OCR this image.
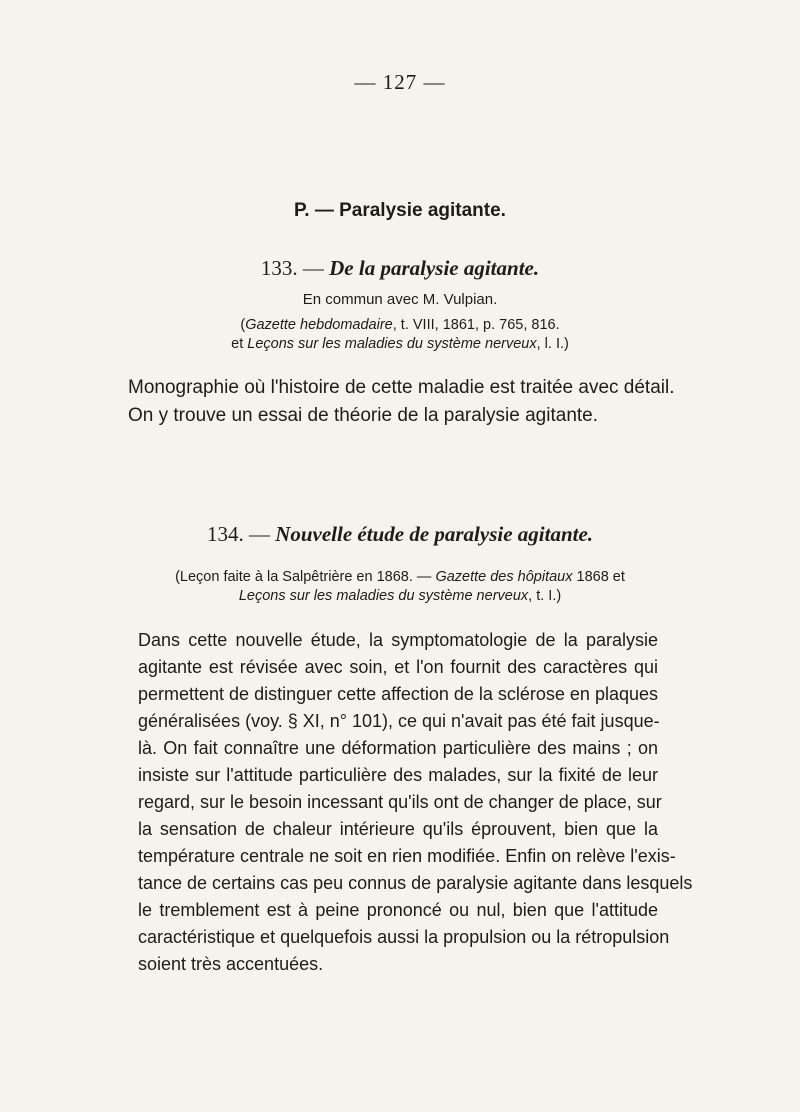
— 127 —
P. — Paralysie agitante.
133. — De la paralysie agitante.
En commun avec M. Vulpian.
(Gazette hebdomadaire, t. VIII, 1861, p. 765, 816.
et Leçons sur les maladies du système nerveux, l. I.)
Monographie où l'histoire de cette maladie est traitée avec détail.
On y trouve un essai de théorie de la paralysie agitante.
134. — Nouvelle étude de paralysie agitante.
(Leçon faite à la Salpêtrière en 1868. — Gazette des hôpitaux 1868 et
Leçons sur les maladies du système nerveux, t. I.)
Dans cette nouvelle étude, la symptomatologie de la paralysie
agitante est révisée avec soin, et l'on fournit des caractères qui
permettent de distinguer cette affection de la sclérose en plaques
généralisées (voy. § XI, n° 101), ce qui n'avait pas été fait jusque-
là. On fait connaître une déformation particulière des mains ; on
insiste sur l'attitude particulière des malades, sur la fixité de leur
regard, sur le besoin incessant qu'ils ont de changer de place, sur
la sensation de chaleur intérieure qu'ils éprouvent, bien que la
température centrale ne soit en rien modifiée. Enfin on relève l'exis-
tance de certains cas peu connus de paralysie agitante dans lesquels
le tremblement est à peine prononcé ou nul, bien que l'attitude
caractéristique et quelquefois aussi la propulsion ou la rétropulsion
soient très accentuées.
